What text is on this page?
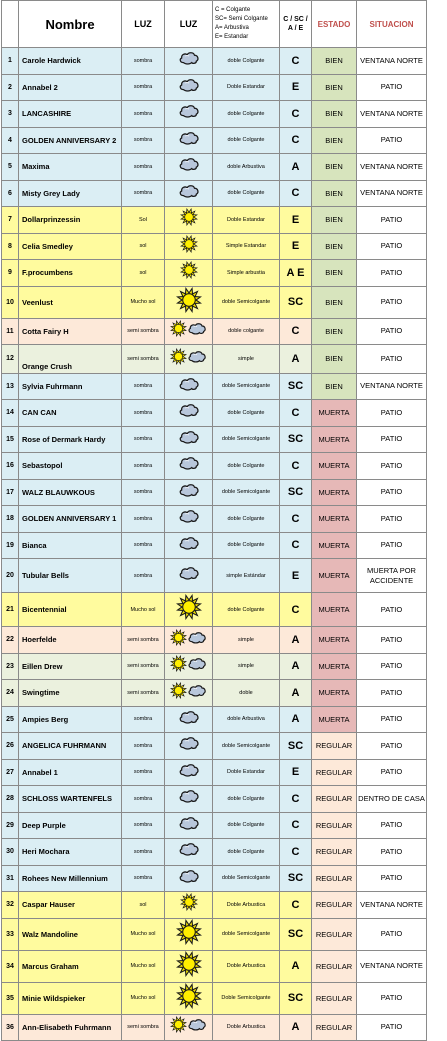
	Nombre	LUZ	LUZ	C = Colgante
SC= Semi Colgante
A= Arbustiva
E= Estandar	C / SC / A / E	ESTADO	SITUACION
1	Carole Hardwick	sombra		doble Colgante	C	BIEN	VENTANA NORTE
2	Annabel 2	sombra		Doble Estandar	E	BIEN	PATIO
3	LANCASHIRE	sombra		doble Colgante	C	BIEN	VENTANA NORTE
4	GOLDEN ANNIVERSARY 2	sombra		doble Colgante	C	BIEN	PATIO
5	Maxima	sombra		doble Arbustiva	A	BIEN	VENTANA NORTE
6	Misty Grey Lady	sombra		doble Colgante	C	BIEN	VENTANA NORTE
7	Dollarprinzessin	Sol		Doble Estandar	E	BIEN	PATIO
8	Celia Smedley	sol		Simple Estandar	E	BIEN	PATIO
9	F.procumbens	sol		Simple arbustia	A E	BIEN	PATIO
10	Veenlust	Mucho sol		doble Semicolgante	SC	BIEN	PATIO
11	Cotta Fairy H	semi sombra		doble colgante	C	BIEN	PATIO
12	Orange Crush	semi sombra		simple	A	BIEN	PATIO
13	Sylvia Fuhrmann	sombra		doble Semicolgante	SC	BIEN	VENTANA NORTE
14	CAN CAN	sombra		doble Colgante	C	MUERTA	PATIO
15	Rose of Dermark Hardy	sombra		doble Semicolgante	SC	MUERTA	PATIO
16	Sebastopol	sombra		doble Colgante	C	MUERTA	PATIO
17	WALZ BLAUWKOUS	sombra		doble Semicolgante	SC	MUERTA	PATIO
18	GOLDEN ANNIVERSARY 1	sombra		doble Colgante	C	MUERTA	PATIO
19	Bianca	sombra		doble Colgante	C	MUERTA	PATIO
20	Tubular Bells	sombra		simple Estándar	E	MUERTA	MUERTA POR ACCIDENTE
21	Bicentennial	Mucho sol		doble Colgante	C	MUERTA	PATIO
22	Hoerfelde	semi sombra		simple	A	MUERTA	PATIO
23	Eillen Drew	semi sombra		simple	A	MUERTA	PATIO
24	Swingtime	semi sombra		doble	A	MUERTA	PATIO
25	Ampies Berg	sombra		doble Arbustiva	A	MUERTA	PATIO
26	ANGELICA FUHRMANN	sombra		doble Semicolgante	SC	REGULAR	PATIO
27	Annabel 1	sombra		Doble Estandar	E	REGULAR	PATIO
28	SCHLOSS WARTENFELS	sombra		doble Colgante	C	REGULAR	DENTRO DE CASA
29	Deep Purple	sombra		doble Colgante	C	REGULAR	PATIO
30	Heri Mochara	sombra		doble Colgante	C	REGULAR	PATIO
31	Rohees New Millennium	sombra		doble Semicolgante	SC	REGULAR	PATIO
32	Caspar Hauser	sol		Doble Arbustica	C	REGULAR	VENTANA NORTE
33	Walz Mandoline	Mucho sol		doble Semicolgante	SC	REGULAR	PATIO
34	Marcus Graham	Mucho sol		Doble Arbustica	A	REGULAR	VENTANA NORTE
35	Minie Wildspieker	Mucho sol		Doble Semicolgante	SC	REGULAR	PATIO
36	Ann-Elisabeth Fuhrmann	semi sombra		Doble Arbustica	A	REGULAR	PATIO
